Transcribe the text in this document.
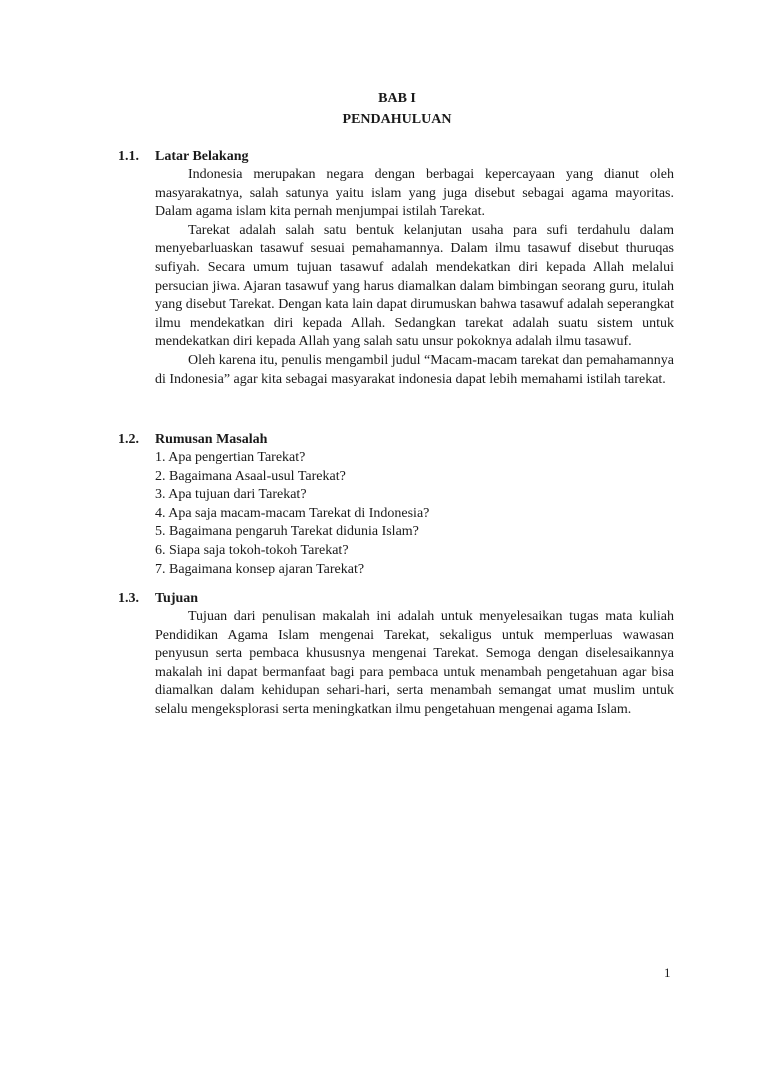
BAB I
PENDAHULUAN
1.1. Latar Belakang

Indonesia merupakan negara dengan berbagai kepercayaan yang dianut oleh masyarakatnya, salah satunya yaitu islam yang juga disebut sebagai agama mayoritas. Dalam agama islam kita pernah menjumpai istilah Tarekat.

Tarekat adalah salah satu bentuk kelanjutan usaha para sufi terdahulu dalam menyebarluaskan tasawuf sesuai pemahamannya. Dalam ilmu tasawuf disebut thuruqas sufiyah. Secara umum tujuan tasawuf adalah mendekatkan diri kepada Allah melalui persucian jiwa. Ajaran tasawuf yang harus diamalkan dalam bimbingan seorang guru, itulah yang disebut Tarekat. Dengan kata lain dapat dirumuskan bahwa tasawuf adalah seperangkat ilmu mendekatkan diri kepada Allah. Sedangkan tarekat adalah suatu sistem untuk mendekatkan diri kepada Allah yang salah satu unsur pokoknya adalah ilmu tasawuf.

Oleh karena itu, penulis mengambil judul “Macam-macam tarekat dan pemahamannya di Indonesia” agar kita sebagai masyarakat indonesia dapat lebih memahami istilah tarekat.

1.2. Rumusan Masalah
1. Apa pengertian Tarekat?
2. Bagaimana Asaal-usul Tarekat?
3. Apa tujuan dari Tarekat?
4. Apa saja macam-macam Tarekat di Indonesia?
5. Bagaimana pengaruh Tarekat didunia Islam?
6. Siapa saja tokoh-tokoh Tarekat?
7. Bagaimana konsep ajaran Tarekat?
1.3. Tujuan

Tujuan dari penulisan makalah ini adalah untuk menyelesaikan tugas mata kuliah Pendidikan Agama Islam mengenai Tarekat, sekaligus untuk memperluas wawasan penyusun serta pembaca khususnya mengenai Tarekat. Semoga dengan diselesaikannya makalah ini dapat bermanfaat bagi para pembaca untuk menambah pengetahuan agar bisa diamalkan dalam kehidupan sehari-hari, serta menambah semangat umat muslim untuk selalu mengeksplorasi serta meningkatkan ilmu pengetahuan mengenai agama Islam.

1
